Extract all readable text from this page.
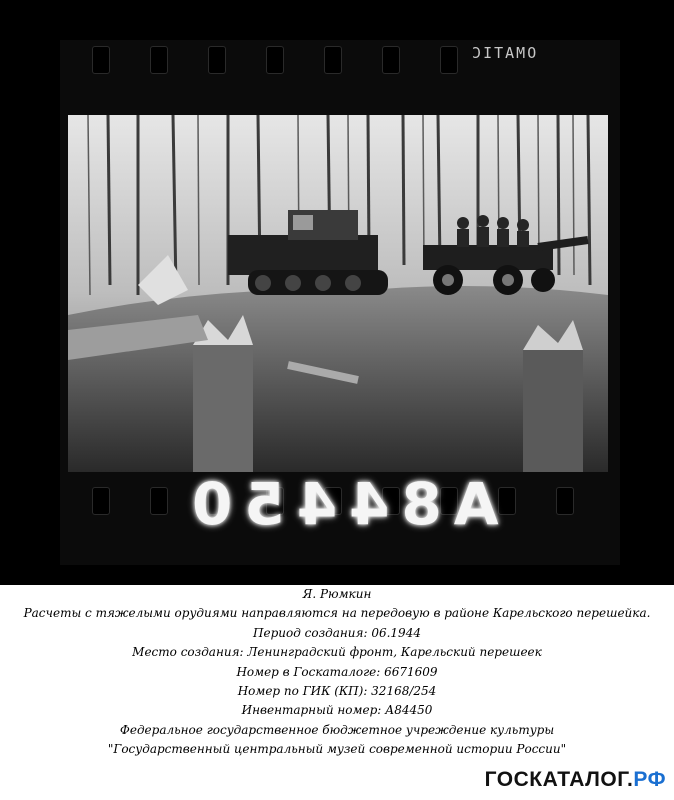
OMATIC
A84450
Я. Рюмкин
Расчеты с тяжелыми орудиями направляются на передовую в районе Карельского перешейка.
Период создания: 06.1944
Место создания: Ленинградский фронт, Карельский перешеек
Номер в Госкаталоге: 6671609
Номер по ГИК (КП): 32168/254
Инвентарный номер: А84450
Федеральное государственное бюджетное учреждение культуры
"Государственный центральный музей современной истории России"
ГОСКАТАЛОГ.РФ
